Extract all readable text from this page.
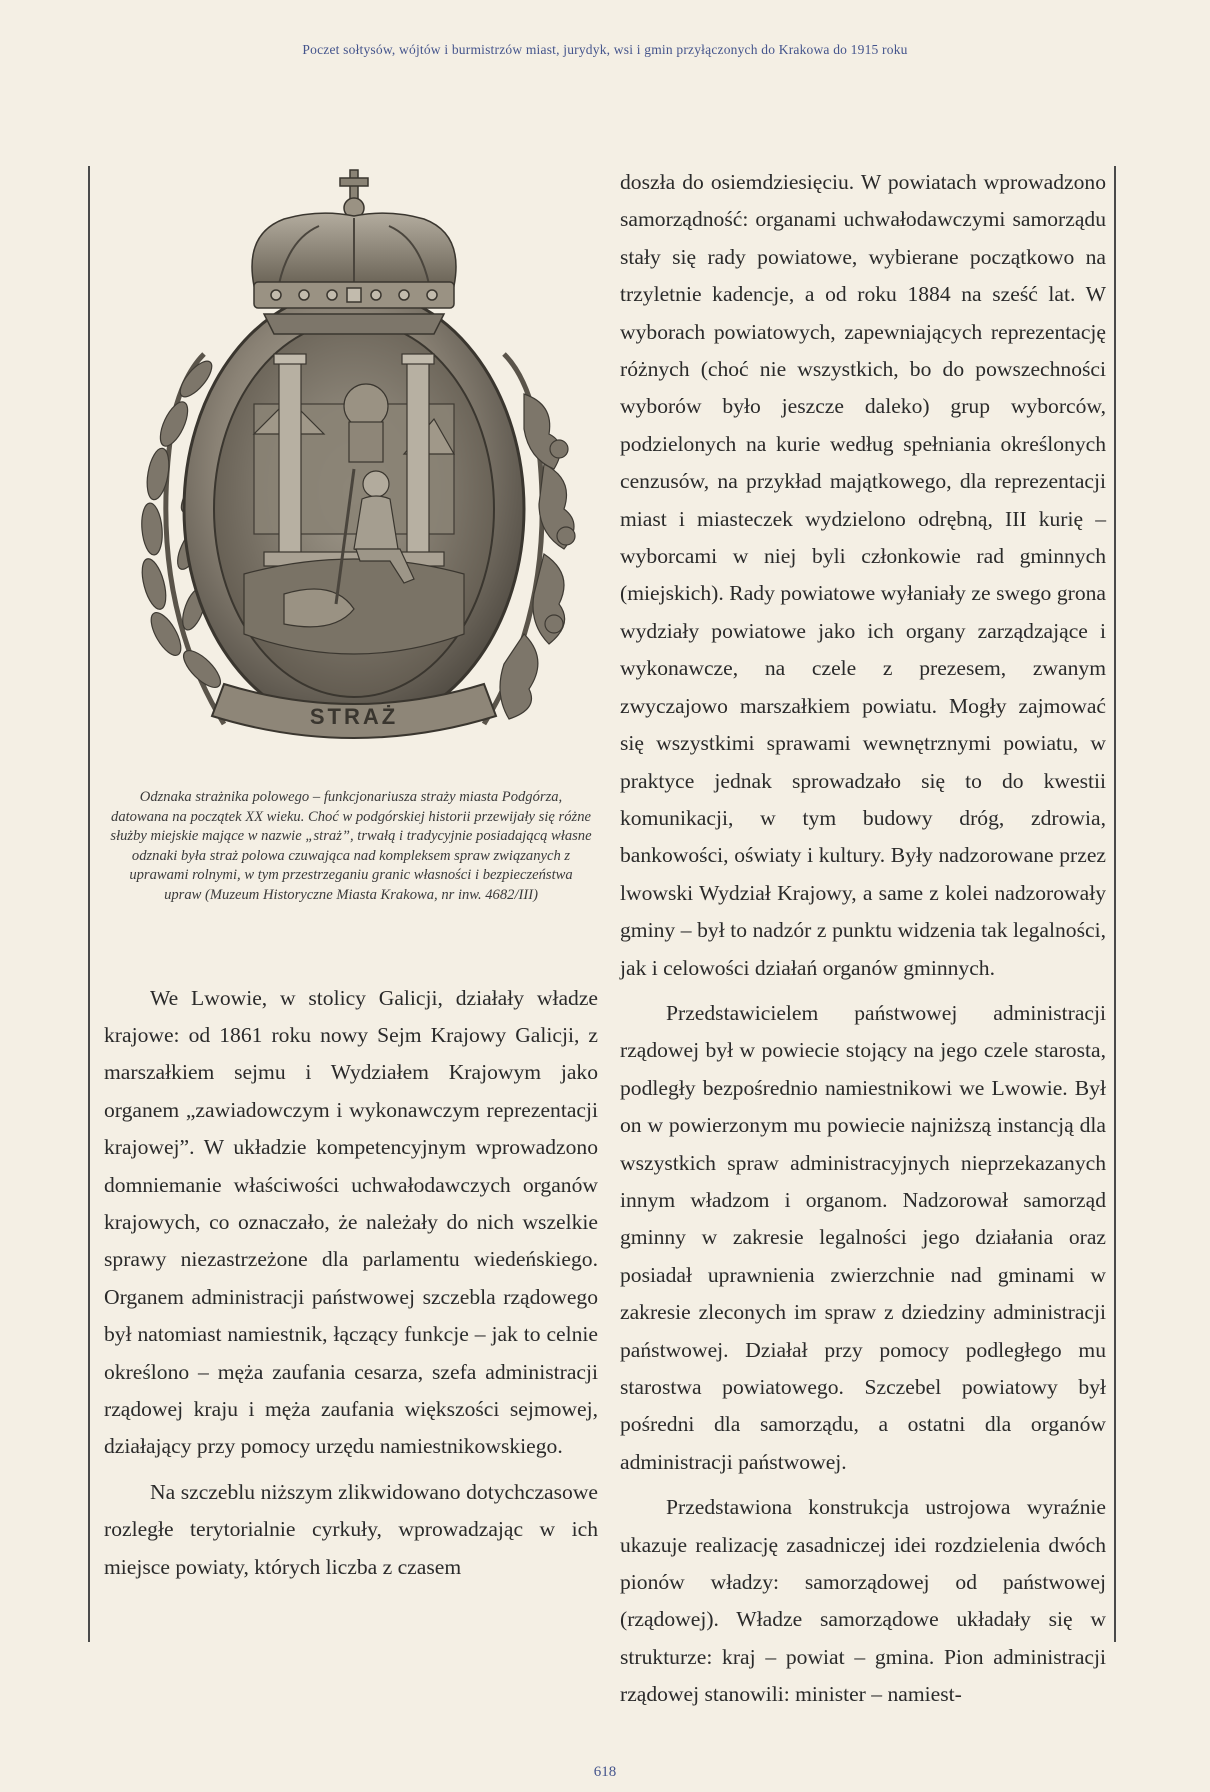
Poczet sołtysów, wójtów i burmistrzów miast, jurydyk, wsi i gmin przyłączonych do Krakowa do 1915 roku
STRAŻ

Odznaka strażnika polowego – funkcjonariusza straży miasta Podgórza, datowana na początek XX wieku. Choć w podgórskiej historii przewijały się różne służby miejskie mające w nazwie „straż”, trwałą i tradycyjnie posiadającą własne odznaki była straż polowa czuwająca nad kompleksem spraw związanych z uprawami rolnymi, w tym przestrzeganiu granic własności i bezpieczeństwa upraw (Muzeum Historyczne Miasta Krakowa, nr inw. 4682/III)

We Lwowie, w stolicy Galicji, działały władze krajowe: od 1861 roku nowy Sejm Krajowy Galicji, z marszałkiem sejmu i Wydziałem Krajowym jako organem „zawiadowczym i wykonawczym reprezentacji krajowej”. W układzie kompetencyjnym wprowadzono domniemanie właściwości uchwałodawczych organów krajowych, co oznaczało, że należały do nich wszelkie sprawy niezastrzeżone dla parlamentu wiedeńskiego. Organem administracji państwowej szczebla rządowego był natomiast namiestnik, łączący funkcje – jak to celnie określono – męża zaufania cesarza, szefa administracji rządowej kraju i męża zaufania większości sejmowej, działający przy pomocy urzędu namiestnikowskiego.

Na szczeblu niższym zlikwidowano dotychczasowe rozległe terytorialnie cyrkuły, wprowadzając w ich miejsce powiaty, których liczba z czasem

doszła do osiemdziesięciu. W powiatach wprowadzono samorządność: organami uchwałodawczymi samorządu stały się rady powiatowe, wybierane początkowo na trzyletnie kadencje, a od roku 1884 na sześć lat. W wyborach powiatowych, zapewniających reprezentację różnych (choć nie wszystkich, bo do powszechności wyborów było jeszcze daleko) grup wyborców, podzielonych na kurie według spełniania określonych cenzusów, na przykład majątkowego, dla reprezentacji miast i miasteczek wydzielono odrębną, III kurię – wyborcami w niej byli członkowie rad gminnych (miejskich). Rady powiatowe wyłaniały ze swego grona wydziały powiatowe jako ich organy zarządzające i wykonawcze, na czele z prezesem, zwanym zwyczajowo marszałkiem powiatu. Mogły zajmować się wszystkimi sprawami wewnętrznymi powiatu, w praktyce jednak sprowadzało się to do kwestii komunikacji, w tym budowy dróg, zdrowia, bankowości, oświaty i kultury. Były nadzorowane przez lwowski Wydział Krajowy, a same z kolei nadzorowały gminy – był to nadzór z punktu widzenia tak legalności, jak i celowości działań organów gminnych.

Przedstawicielem państwowej administracji rządowej był w powiecie stojący na jego czele starosta, podległy bezpośrednio namiestnikowi we Lwowie. Był on w powierzonym mu powiecie najniższą instancją dla wszystkich spraw administracyjnych nieprzekazanych innym władzom i organom. Nadzorował samorząd gminny w zakresie legalności jego działania oraz posiadał uprawnienia zwierzchnie nad gminami w zakresie zleconych im spraw z dziedziny administracji państwowej. Działał przy pomocy podległego mu starostwa powiatowego. Szczebel powiatowy był pośredni dla samorządu, a ostatni dla organów administracji państwowej.

Przedstawiona konstrukcja ustrojowa wyraźnie ukazuje realizację zasadniczej idei rozdzielenia dwóch pionów władzy: samorządowej od państwowej (rządowej). Władze samorządowe układały się w strukturze: kraj – powiat – gmina. Pion administracji rządowej stanowili: minister – namiest-

618
